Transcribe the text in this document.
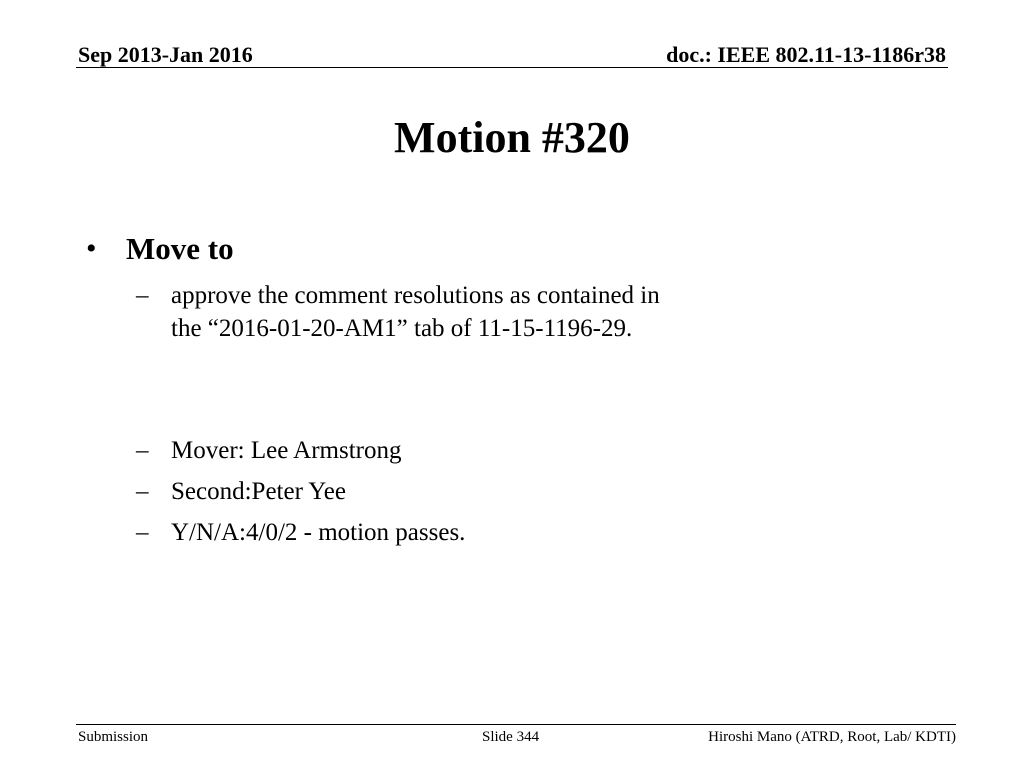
Sep 2013-Jan 2016	doc.: IEEE 802.11-13-1186r38
Motion #320
• Move to
– approve the comment resolutions as contained in
the “2016-01-20-AM1” tab of 11-15-1196-29.
– Mover: Lee Armstrong
– Second:Peter Yee
– Y/N/A:4/0/2 - motion passes.
Submission	Slide 344	Hiroshi Mano (ATRD, Root, Lab/ KDTI)
